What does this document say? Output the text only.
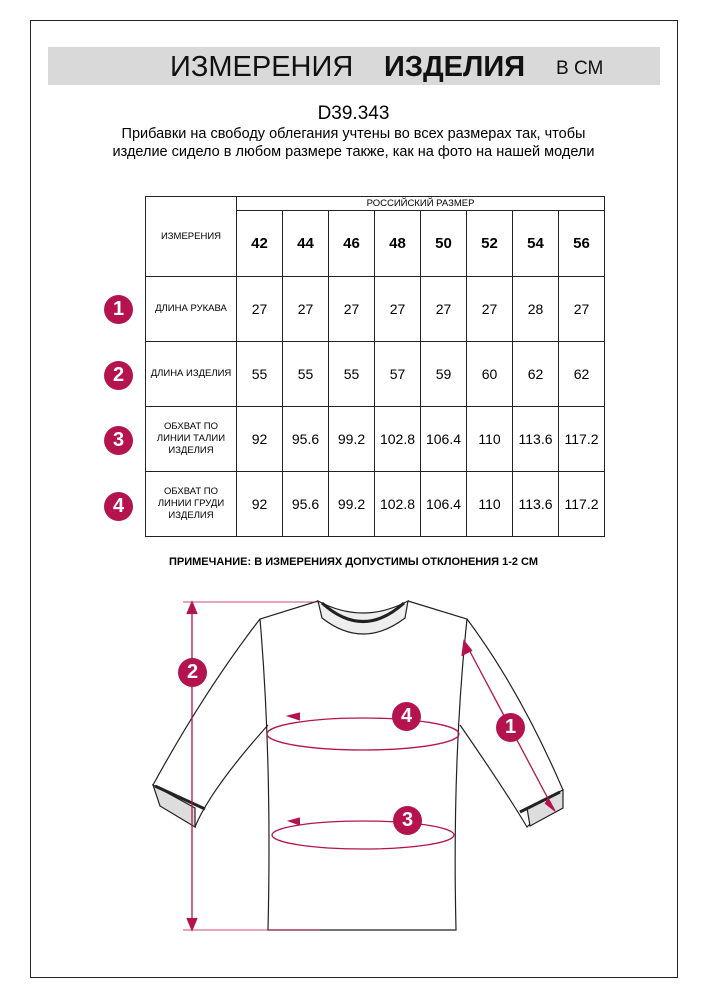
ИЗМЕРЕНИЯ ИЗДЕЛИЯ В СМ
D39.343
Прибавки на свободу облегания учтены во всех размерах так, чтобы изделие сидело в любом размере также, как на фото на нашей модели
ИЗМЕРЕНИЯ	РОССИЙСКИЙ РАЗМЕР							
	42	44	46	48	50	52	54	56
ДЛИНА РУКАВА	27	27	27	27	27	27	28	27
ДЛИНА ИЗДЕЛИЯ	55	55	55	57	59	60	62	62
ОБХВАТ ПО ЛИНИИ ТАЛИИ ИЗДЕЛИЯ	92	95.6	99.2	102.8	106.4	110	113.6	117.2
ОБХВАТ ПО ЛИНИИ ГРУДИ ИЗДЕЛИЯ	92	95.6	99.2	102.8	106.4	110	113.6	117.2
1
2
3
4
ПРИМЕЧАНИЕ: В ИЗМЕРЕНИЯХ ДОПУСТИМЫ ОТКЛОНЕНИЯ 1-2 СМ
2
1
4
3
